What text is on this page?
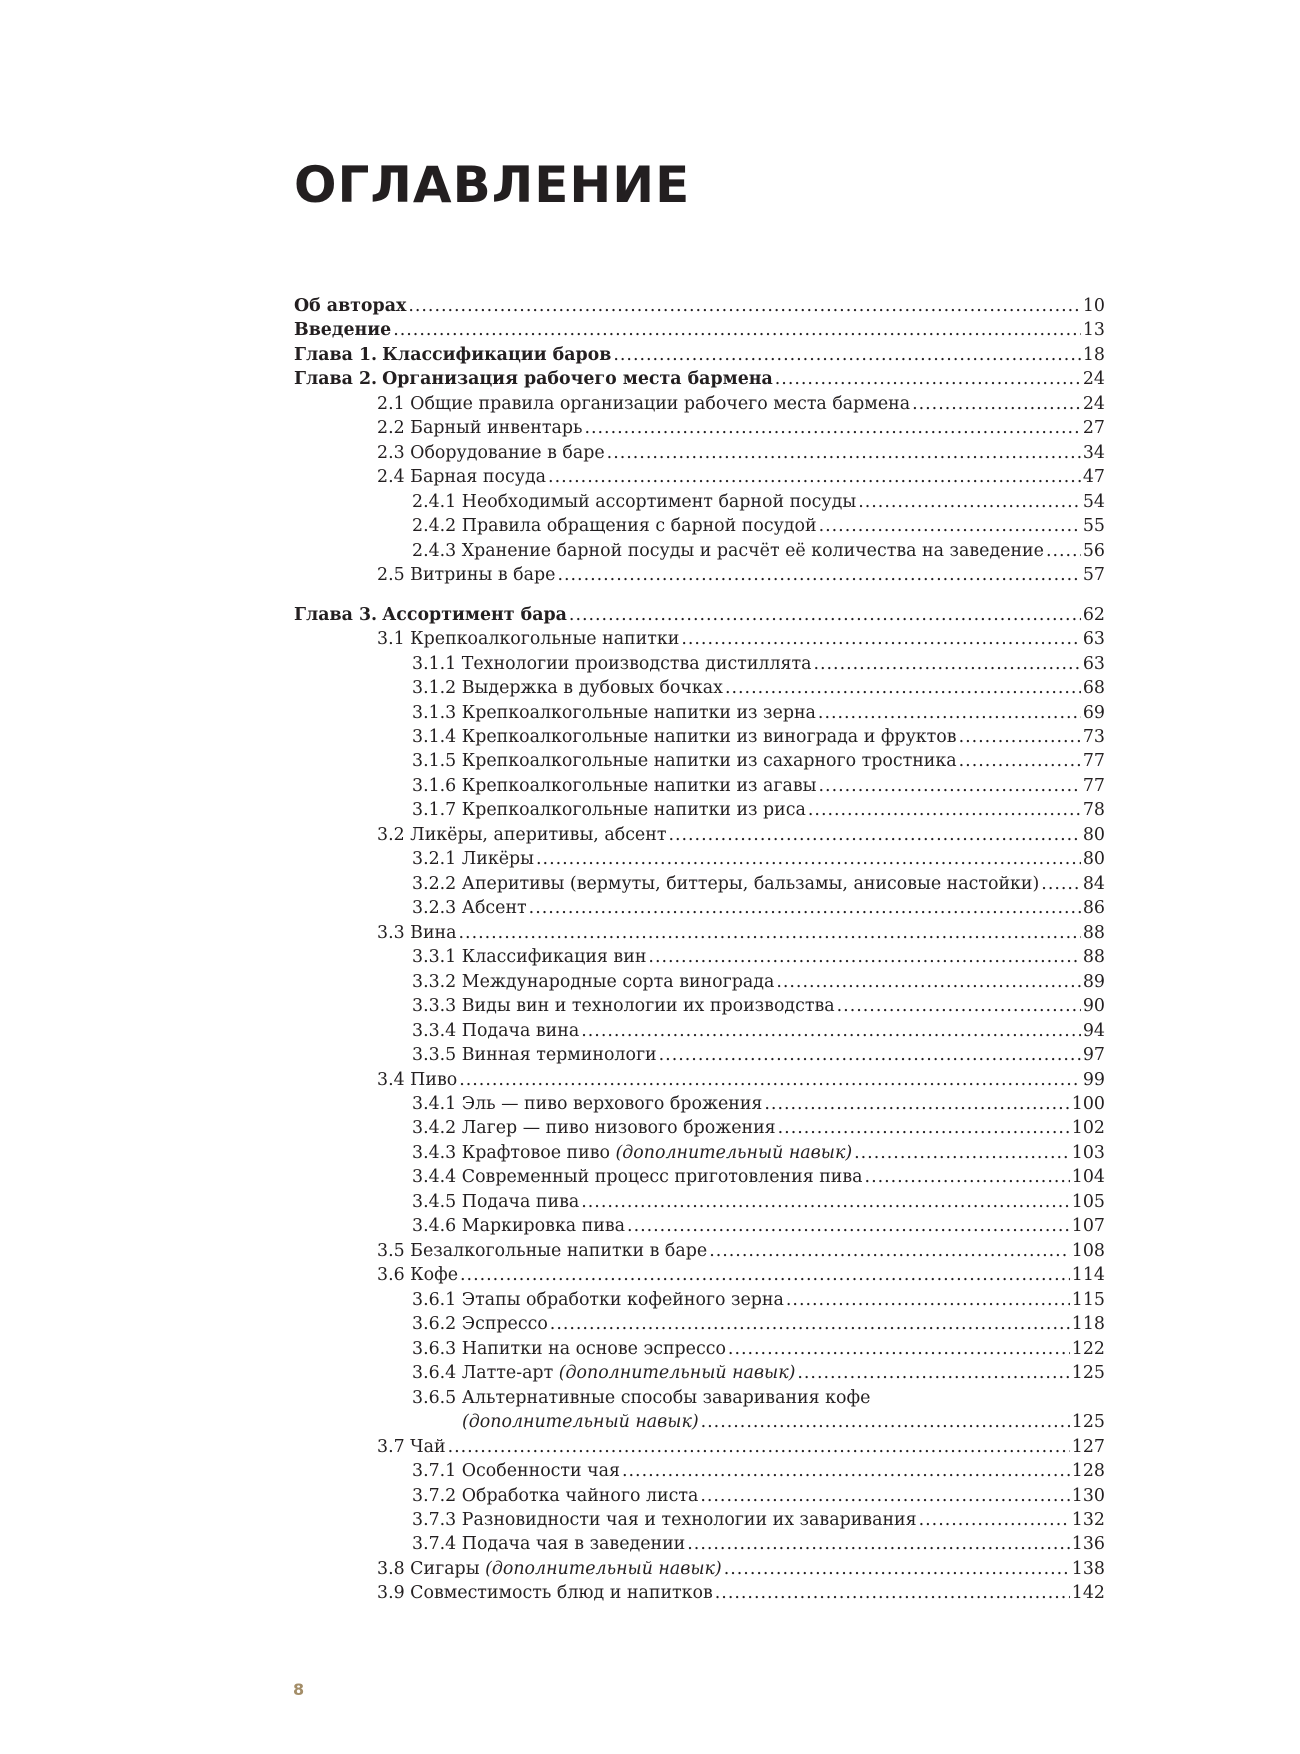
ОГЛАВЛЕНИЕ
Об авторах .....	10
Введение .....	13
Глава 1. Классификации баров .....	18
Глава 2. Организация рабочего места бармена .....	24
2.1 Общие правила организации рабочего места бармена .....	24
2.2 Барный инвентарь .....	27
2.3 Оборудование в баре .....	34
2.4 Барная посуда .....	47
2.4.1 Необходимый ассортимент барной посуды .....	54
2.4.2 Правила обращения с барной посудой .....	55
2.4.3 Хранение барной посуды и расчёт её количества на заведение ..... 56
2.5 Витрины в баре .....	57
Глава 3. Ассортимент бара .....	62
3.1 Крепкоалкогольные напитки .....	63
3.1.1 Технологии производства дистиллята .....	63
3.1.2 Выдержка в дубовых бочках .....	68
3.1.3 Крепкоалкогольные напитки из зерна .....	69
3.1.4 Крепкоалкогольные напитки из винограда и фруктов .....	73
3.1.5 Крепкоалкогольные напитки из сахарного тростника .....	77
3.1.6 Крепкоалкогольные напитки из агавы .....	77
3.1.7 Крепкоалкогольные напитки из риса .....	78
3.2 Ликёры, аперитивы, абсент .....	80
3.2.1 Ликёры .....	80
3.2.2 Аперитивы (вермуты, биттеры, бальзамы, анисовые настойки) .....	84
3.2.3 Абсент .....	86
3.3 Вина .....	88
3.3.1 Классификация вин .....	88
3.3.2 Международные сорта винограда .....	89
3.3.3 Виды вин и технологии их производства .....	90
3.3.4 Подача вина .....	94
3.3.5 Винная терминологи .....	97
3.4 Пиво .....	99
3.4.1 Эль — пиво верхового брожения .....	100
3.4.2 Лагер — пиво низового брожения .....	102
3.4.3 Крафтовое пиво (дополнительный навык) .....	103
3.4.4 Современный процесс приготовления пива .....	104
3.4.5 Подача пива .....	105
3.4.6 Маркировка пива .....	107
3.5 Безалкогольные напитки в баре .....	108
3.6 Кофе .....	114
3.6.1 Этапы обработки кофейного зерна .....	115
3.6.2 Эспрессо .....	118
3.6.3 Напитки на основе эспрессо .....	122
3.6.4 Латте-арт (дополнительный навык) .....	125
3.6.5 Альтернативные способы заваривания кофе
(дополнительный навык) .....	125
3.7 Чай .....	127
3.7.1 Особенности чая .....	128
3.7.2 Обработка чайного листа .....	130
3.7.3 Разновидности чая и технологии их заваривания .....	132
3.7.4 Подача чая в заведении .....	136
3.8 Сигары (дополнительный навык) .....	138
3.9 Совместимость блюд и напитков .....	142
8
